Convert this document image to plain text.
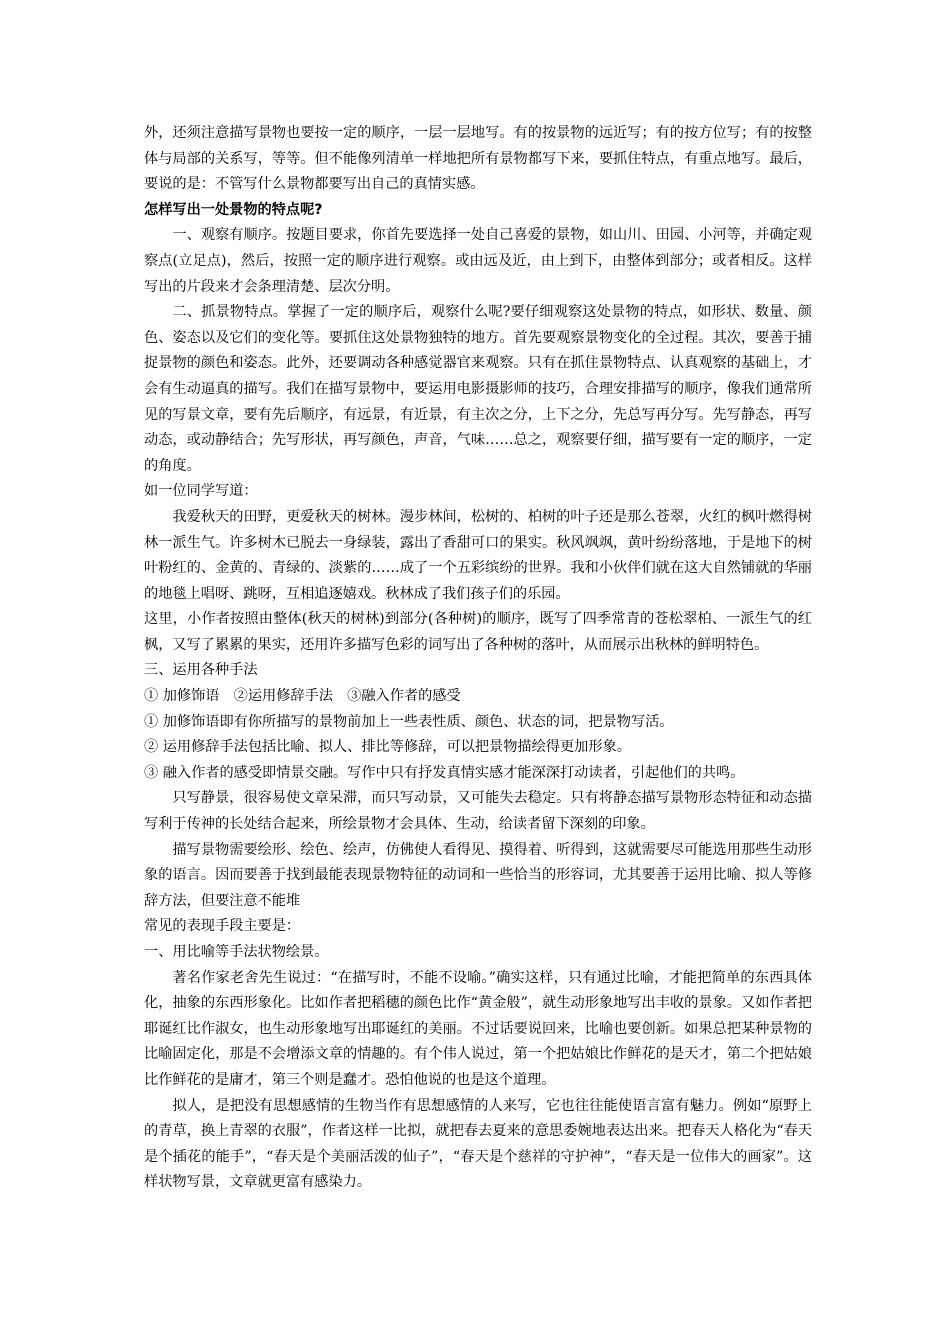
外，还须注意描写景物也要按一定的顺序，一层一层地写。有的按景物的远近写；有的按方位写；有的按整体与局部的关系写，等等。但不能像列清单一样地把所有景物都写下来，要抓住特点，有重点地写。最后，要说的是：不管写什么景物都要写出自己的真情实感。

怎样写出一处景物的特点呢?

一、观察有顺序。按题目要求，你首先要选择一处自己喜爱的景物，如山川、田园、小河等，并确定观察点(立足点)，然后，按照一定的顺序进行观察。或由远及近，由上到下，由整体到部分；或者相反。这样写出的片段来才会条理清楚、层次分明。

二、抓景物特点。掌握了一定的顺序后，观察什么呢?要仔细观察这处景物的特点，如形状、数量、颜色、姿态以及它们的变化等。要抓住这处景物独特的地方。首先要观察景物变化的全过程。其次，要善于捕捉景物的颜色和姿态。此外，还要调动各种感觉器官来观察。只有在抓住景物特点、认真观察的基础上，才会有生动逼真的描写。我们在描写景物中，要运用电影摄影师的技巧，合理安排描写的顺序，像我们通常所见的写景文章，要有先后顺序，有远景，有近景，有主次之分，上下之分，先总写再分写。先写静态，再写动态，或动静结合；先写形状，再写颜色，声音，气味……总之，观察要仔细，描写要有一定的顺序，一定的角度。

如一位同学写道：

我爱秋天的田野，更爱秋天的树林。漫步林间，松树的、柏树的叶子还是那么苍翠，火红的枫叶燃得树林一派生气。许多树木已脱去一身绿装，露出了香甜可口的果实。秋风飒飒，黄叶纷纷落地，于是地下的树叶粉红的、金黄的、青绿的、淡紫的……成了一个五彩缤纷的世界。我和小伙伴们就在这大自然铺就的华丽的地毯上唱呀、跳呀，互相追逐嬉戏。秋林成了我们孩子们的乐园。

这里，小作者按照由整体(秋天的树林)到部分(各种树)的顺序，既写了四季常青的苍松翠柏、一派生气的红枫，又写了累累的果实，还用许多描写色彩的词写出了各种树的落叶，从而展示出秋林的鲜明特色。

三、运用各种手法

① 加修饰语　②运用修辞手法　③融入作者的感受

① 加修饰语即有你所描写的景物前加上一些表性质、颜色、状态的词，把景物写活。

② 运用修辞手法包括比喻、拟人、排比等修辞，可以把景物描绘得更加形象。

③ 融入作者的感受即情景交融。写作中只有抒发真情实感才能深深打动读者，引起他们的共鸣。

只写静景，很容易使文章呆滞，而只写动景，又可能失去稳定。只有将静态描写景物形态特征和动态描写利于传神的长处结合起来，所绘景物才会具体、生动，给读者留下深刻的印象。

描写景物需要绘形、绘色、绘声，仿佛使人看得见、摸得着、听得到，这就需要尽可能选用那些生动形象的语言。因而要善于找到最能表现景物特征的动词和一些恰当的形容词，尤其要善于运用比喻、拟人等修辞方法，但要注意不能堆

常见的表现手段主要是：

一、用比喻等手法状物绘景。

著名作家老舍先生说过：“在描写时，不能不设喻。”确实这样，只有通过比喻，才能把简单的东西具体化，抽象的东西形象化。比如作者把稻穗的颜色比作“黄金般”，就生动形象地写出丰收的景象。又如作者把耶诞红比作淑女，也生动形象地写出耶诞红的美丽。不过话要说回来，比喻也要创新。如果总把某种景物的比喻固定化，那是不会增添文章的情趣的。有个伟人说过，第一个把姑娘比作鲜花的是天才，第二个把姑娘比作鲜花的是庸才，第三个则是蠢才。恐怕他说的也是这个道理。

拟人，是把没有思想感情的生物当作有思想感情的人来写，它也往往能使语言富有魅力。例如“原野上的青草，换上青翠的衣服”，作者这样一比拟，就把春去夏来的意思委婉地表达出来。把春天人格化为“春天是个插花的能手”，“春天是个美丽活泼的仙子”，“春天是个慈祥的守护神”，“春天是一位伟大的画家”。这样状物写景，文章就更富有感染力。
